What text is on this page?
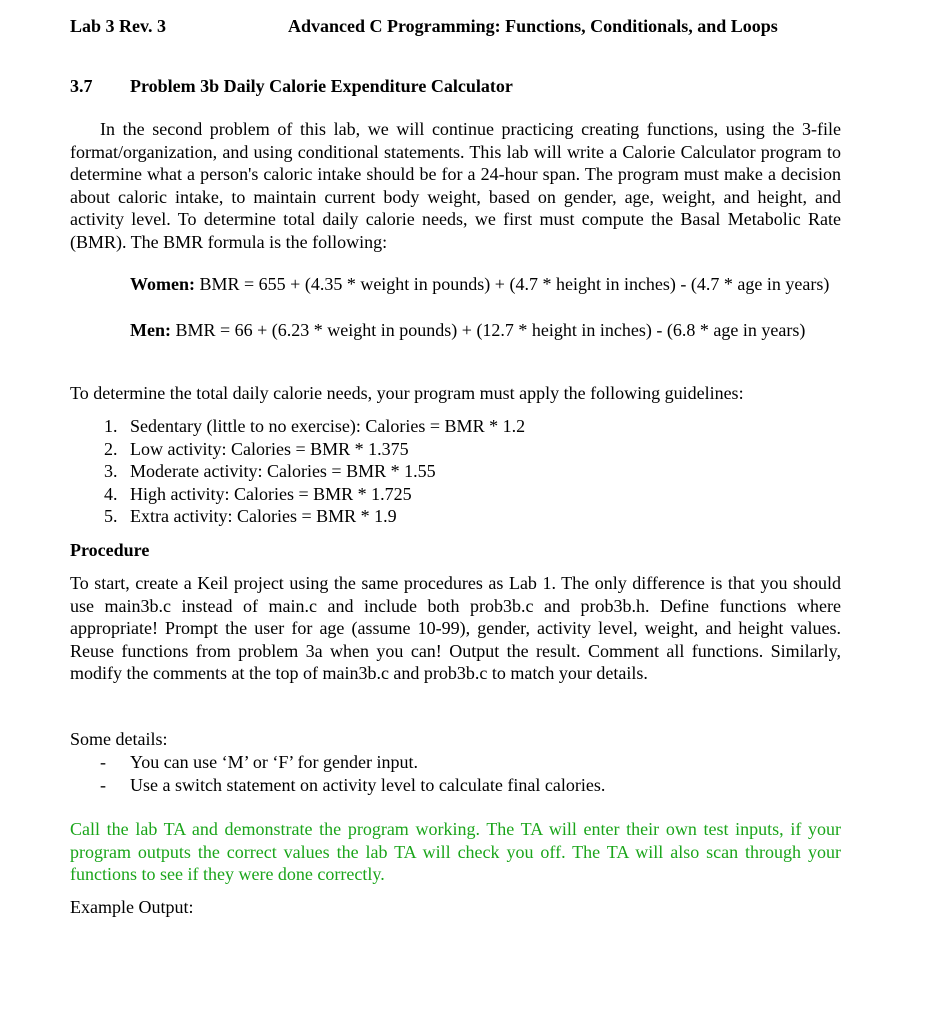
Lab 3 Rev. 3	Advanced C Programming: Functions, Conditionals, and Loops
3.7 Problem 3b Daily Calorie Expenditure Calculator

In the second problem of this lab, we will continue practicing creating functions, using the 3-file format/organization, and using conditional statements. This lab will write a Calorie Calculator program to determine what a person's caloric intake should be for a 24-hour span. The program must make a decision about caloric intake, to maintain current body weight, based on gender, age, weight, and height, and activity level. To determine total daily calorie needs, we first must compute the Basal Metabolic Rate (BMR). The BMR formula is the following:

Women: BMR = 655 + (4.35 * weight in pounds) + (4.7 * height in inches) - (4.7 * age in years)
Men: BMR = 66 + (6.23 * weight in pounds) + (12.7 * height in inches) - (6.8 * age in years)
To determine the total daily calorie needs, your program must apply the following guidelines:
1. Sedentary (little to no exercise): Calories = BMR * 1.2
2. Low activity: Calories = BMR * 1.375
3. Moderate activity: Calories = BMR * 1.55
4. High activity: Calories = BMR * 1.725
5. Extra activity: Calories = BMR * 1.9
Procedure

To start, create a Keil project using the same procedures as Lab 1. The only difference is that you should use main3b.c instead of main.c and include both prob3b.c and prob3b.h. Define functions where appropriate! Prompt the user for age (assume 10-99), gender, activity level, weight, and height values. Reuse functions from problem 3a when you can! Output the result. Comment all functions. Similarly, modify the comments at the top of main3b.c and prob3b.c to match your details.

Some details:
- You can use ‘M’ or ‘F’ for gender input.
- Use a switch statement on activity level to calculate final calories.

Call the lab TA and demonstrate the program working. The TA will enter their own test inputs, if your program outputs the correct values the lab TA will check you off. The TA will also scan through your functions to see if they were done correctly.

Example Output:
